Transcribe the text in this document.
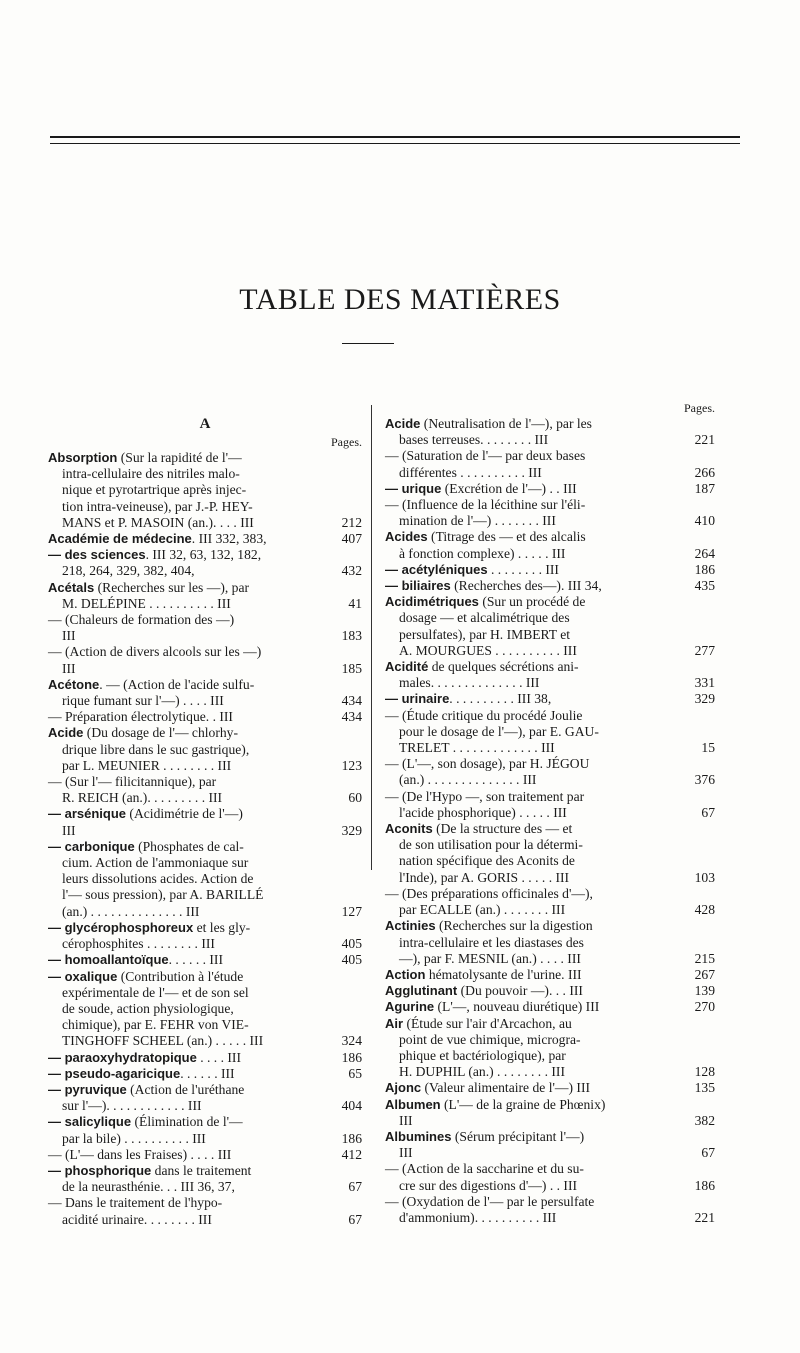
TABLE DES MATIÈRES
A
Pages.
Absorption (Sur la rapidité de l'—
intra-cellulaire des nitriles malo-
nique et pyrotartrique après injec-
tion intra-veineuse), par J.-P. HEY-
MANS et P. MASOIN (an.). . . . III	212
Académie de médecine. III 332, 383,	407
— des sciences. III 32, 63, 132, 182,
218, 264, 329, 382, 404,	432
Acétals (Recherches sur les —), par
M. DELÉPINE . . . . . . . . . . III	41
— (Chaleurs de formation des —)
III	183
— (Action de divers alcools sur les —)
III	185
Acétone. — (Action de l'acide sulfu-
rique fumant sur l'—) . . . . III	434
— Préparation électrolytique. . III	434
Acide (Du dosage de l'— chlorhy-
drique libre dans le suc gastrique),
par L. MEUNIER . . . . . . . . III	123
— (Sur l'— filicitannique), par
R. REICH (an.). . . . . . . . . III	60
— arsénique (Acidimétrie de l'—)
III	329
— carbonique (Phosphates de cal-
cium. Action de l'ammoniaque sur
leurs dissolutions acides. Action de
l'— sous pression), par A. BARILLÉ
(an.) . . . . . . . . . . . . . . III	127
— glycérophosphoreux et les gly-
cérophosphites . . . . . . . . III	405
— homoallantoïque. . . . . . III	405
— oxalique (Contribution à l'étude
expérimentale de l'— et de son sel
de soude, action physiologique,
chimique), par E. FEHR von VIE-
TINGHOFF SCHEEL (an.) . . . . . III	324
— paraoxyhydratopique . . . . III	186
— pseudo-agaricique. . . . . . III	65
— pyruvique (Action de l'uréthane
sur l'—). . . . . . . . . . . . III	404
— salicylique (Élimination de l'—
par la bile) . . . . . . . . . . III	186
— (L'— dans les Fraises) . . . . III	412
— phosphorique dans le traitement
de la neurasthénie. . . III 36, 37,	67
— Dans le traitement de l'hypo-
acidité urinaire. . . . . . . . III	67
Pages.
Acide (Neutralisation de l'—), par les
bases terreuses. . . . . . . . III	221
— (Saturation de l'— par deux bases
différentes . . . . . . . . . . III	266
— urique (Excrétion de l'—) . . III	187
— (Influence de la lécithine sur l'éli-
mination de l'—) . . . . . . . III	410
Acides (Titrage des — et des alcalis
à fonction complexe) . . . . . III	264
— acétyléniques . . . . . . . . III	186
— biliaires (Recherches des—). III 34,	435
Acidimétriques (Sur un procédé de
dosage — et alcalimétrique des
persulfates), par H. IMBERT et
A. MOURGUES . . . . . . . . . . III	277
Acidité de quelques sécrétions ani-
males. . . . . . . . . . . . . . III	331
— urinaire. . . . . . . . . . III 38,	329
— (Étude critique du procédé Joulie
pour le dosage de l'—), par E. GAU-
TRELET . . . . . . . . . . . . . III	15
— (L'—, son dosage), par H. JÉGOU
(an.) . . . . . . . . . . . . . . III	376
— (De l'Hypo —, son traitement par
l'acide phosphorique) . . . . . III	67
Aconits (De la structure des — et
de son utilisation pour la détermi-
nation spécifique des Aconits de
l'Inde), par A. GORIS . . . . . III	103
— (Des préparations officinales d'—),
par ECALLE (an.) . . . . . . . III	428
Actinies (Recherches sur la digestion
intra-cellulaire et les diastases des
—), par F. MESNIL (an.) . . . . III	215
Action hématolysante de l'urine. III	267
Agglutinant (Du pouvoir —). . . III	139
Agurine (L'—, nouveau diurétique) III	270
Air (Étude sur l'air d'Arcachon, au
point de vue chimique, microgra-
phique et bactériologique), par
H. DUPHIL (an.) . . . . . . . . III	128
Ajonc (Valeur alimentaire de l'—) III	135
Albumen (L'— de la graine de Phœnix)
III	382
Albumines (Sérum précipitant l'—)
III	67
— (Action de la saccharine et du su-
cre sur des digestions d'—) . . III	186
— (Oxydation de l'— par le persulfate
d'ammonium). . . . . . . . . . III	221
